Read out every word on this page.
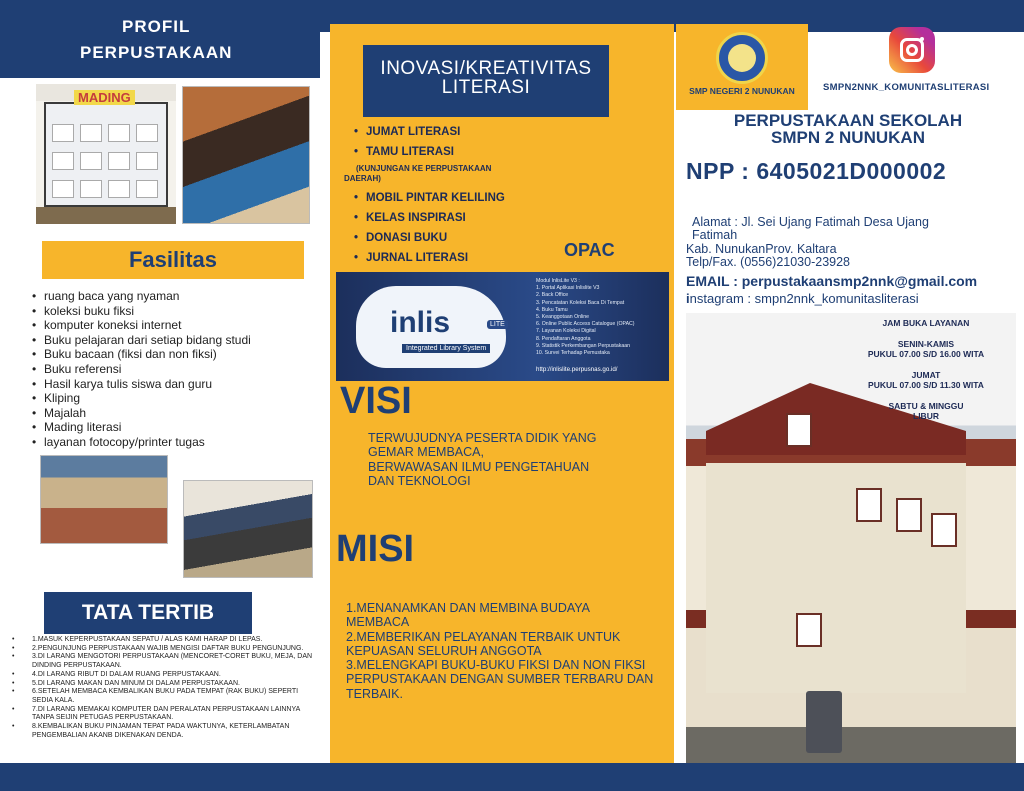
PROFIL
PERPUSTAKAAN
MADING
Fasilitas
• ruang baca yang nyaman
• koleksi buku fiksi
• komputer koneksi internet
• Buku pelajaran dari setiap bidang studi
• Buku bacaan (fiksi dan non fiksi)
• Buku referensi
• Hasil karya tulis siswa dan guru
• Kliping
• Majalah
• Mading literasi
• layanan fotocopy/printer tugas
TATA TERTIB
• 1.MASUK KEPERPUSTAKAAN SEPATU / ALAS KAMI HARAP DI LEPAS.
• 2.PENGUNJUNG PERPUSTAKAAN WAJIB MENGISI DAFTAR BUKU PENGUNJUNG.
• 3.DI LARANG MENGOTORI PERPUSTAKAAN (MENCORET-CORET BUKU, MEJA, DAN DINDING PERPUSTAKAAN.
• 4.DI LARANG RIBUT DI DALAM RUANG PERPUSTAKAAN.
• 5.DI LARANG MAKAN DAN MINUM DI DALAM PERPUSTAKAAN.
• 6.SETELAH MEMBACA KEMBALIKAN BUKU PADA TEMPAT (RAK BUKU) SEPERTI SEDIA KALA.
• 7.DI LARANG MEMAKAI KOMPUTER DAN PERALATAN PERPUSTAKAAN LAINNYA TANPA SEIJIN PETUGAS PERPUSTAKAAN.
• 8.KEMBALIKAN BUKU PINJAMAN TEPAT PADA WAKTUNYA, KETERLAMBATAN PENGEMBALIAN AKANB DIKENAKAN DENDA.
INOVASI/KREATIVITAS
LITERASI
• JUMAT LITERASI
• TAMU LITERASI
(KUNJUNGAN KE PERPUSTAKAAN
DAERAH)
• MOBIL PINTAR KELILING
• KELAS INSPIRASI
• DONASI BUKU
• JURNAL LITERASI	OPAC
inlis	LITE
Integrated Library System
Modul InlisLite V3 :
1. Portal Aplikasi Inlislite V3
2. Back Office
3. Pencatatan Koleksi Baca Di Tempat
4. Buku Tamu
5. Keanggotaan Online
6. Online Public Access Catalogue (OPAC)
7. Layanan Koleksi Digital
8. Pendaftaran Anggota
9. Statistik Perkembangan Perpustakaan
10. Survei Terhadap Pemustaka
http://inlislite.perpusnas.go.id/
VISI
TERWUJUDNYA PESERTA DIDIK YANG
GEMAR MEMBACA,
BERWAWASAN ILMU PENGETAHUAN
DAN TEKNOLOGI
MISI
1.MENANAMKAN DAN MEMBINA BUDAYA
MEMBACA
2.MEMBERIKAN PELAYANAN TERBAIK UNTUK
KEPUASAN SELURUH ANGGOTA
3.MELENGKAPI BUKU-BUKU FIKSI DAN NON FIKSI
PERPUSTAKAAN DENGAN SUMBER TERBARU DAN
TERBAIK.
SMP NEGERI 2 NUNUKAN	SMPN2NNK_KOMUNITASLITERASI
PERPUSTAKAAN SEKOLAH
SMPN 2 NUNUKAN
NPP : 6405021D000002
Alamat : Jl. Sei Ujang Fatimah Desa Ujang
Fatimah
Kab. NunukanProv. Kaltara
Telp/Fax. (0556)21030-23928
EMAIL : perpustakaansmp2nnk@gmail.com
instagram : smpn2nnk_komunitasliterasi
JAM BUKA LAYANAN
SENIN-KAMIS
PUKUL 07.00 S/D 16.00 WITA
JUMAT
PUKUL 07.00 S/D 11.30 WITA
SABTU & MINGGU
LIBUR
